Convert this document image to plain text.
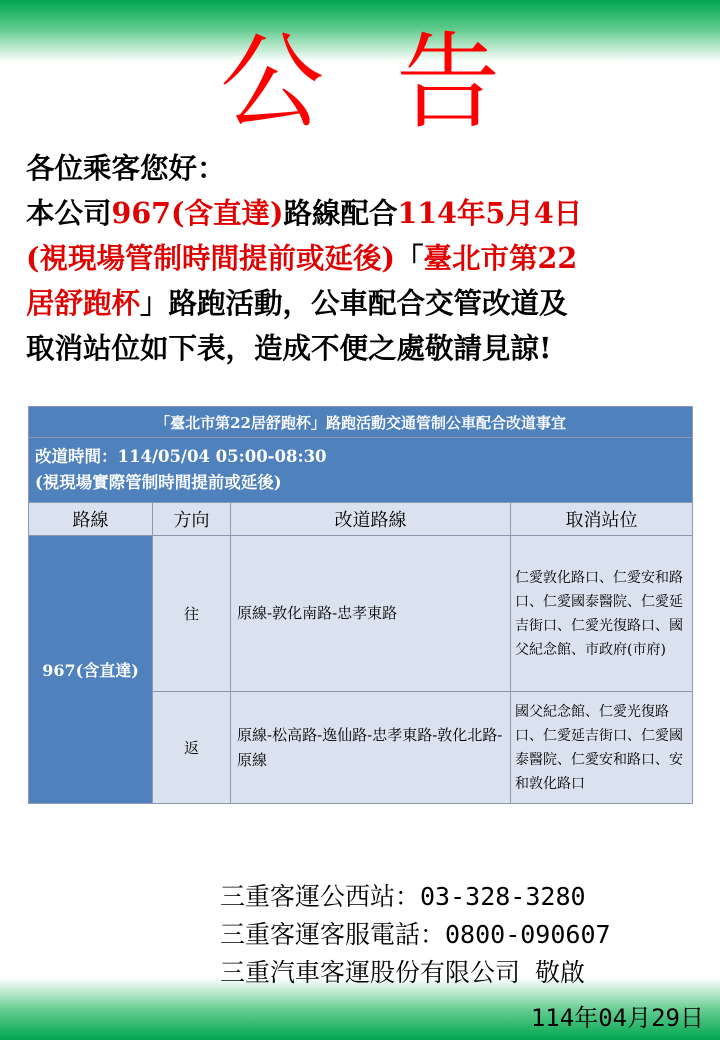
公告
各位乘客您好：
本公司967(含直達)路線配合114年5月4日
(視現場管制時間提前或延後)「臺北市第22
居舒跑杯」路跑活動，公車配合交管改道及
取消站位如下表，造成不便之處敬請見諒!
「臺北市第22居舒跑杯」路跑活動交通管制公車配合改道事宜			

改道時間：114/05/04 05:00-08:30
(視現場實際管制時間提前或延後)			

路線	方向	改道路線	取消站位
967(含直達)	往	原線-敦化南路-忠孝東路	仁愛敦化路口、仁愛安和路口、仁愛國泰醫院、仁愛延吉街口、仁愛光復路口、國父紀念館、市政府(市府)
	返	原線-松高路-逸仙路-忠孝東路-敦化北路-原線	國父紀念館、仁愛光復路口、仁愛延吉街口、仁愛國泰醫院、仁愛安和路口、安和敦化路口
三重客運公西站：03-328-3280
三重客運客服電話：0800-090607
三重汽車客運股份有限公司 敬啟
114年04月29日
